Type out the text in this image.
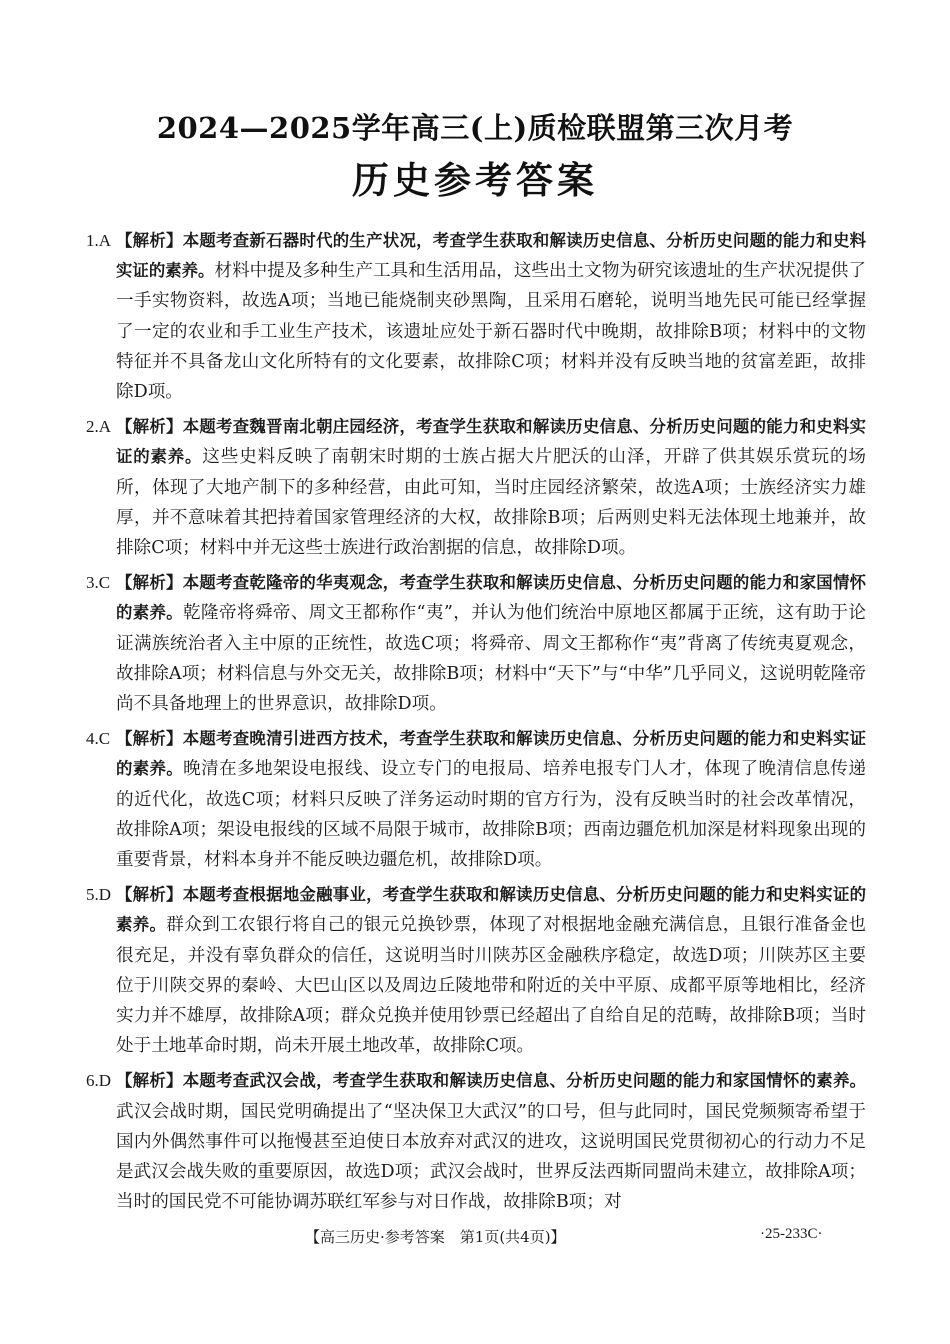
2024—2025学年高三(上)质检联盟第三次月考
历史参考答案
1.A 【解析】本题考查新石器时代的生产状况，考查学生获取和解读历史信息、分析历史问题的能力和史料实证的素养。材料中提及多种生产工具和生活用品，这些出土文物为研究该遗址的生产状况提供了一手实物资料，故选A项；当地已能烧制夹砂黑陶，且采用石磨轮，说明当地先民可能已经掌握了一定的农业和手工业生产技术，该遗址应处于新石器时代中晚期，故排除B项；材料中的文物特征并不具备龙山文化所特有的文化要素，故排除C项；材料并没有反映当地的贫富差距，故排除D项。
2.A 【解析】本题考查魏晋南北朝庄园经济，考查学生获取和解读历史信息、分析历史问题的能力和史料实证的素养。这些史料反映了南朝宋时期的士族占据大片肥沃的山泽，开辟了供其娱乐赏玩的场所，体现了大地产制下的多种经营，由此可知，当时庄园经济繁荣，故选A项；士族经济实力雄厚，并不意味着其把持着国家管理经济的大权，故排除B项；后两则史料无法体现土地兼并，故排除C项；材料中并无这些士族进行政治割据的信息，故排除D项。
3.C 【解析】本题考查乾隆帝的华夷观念，考查学生获取和解读历史信息、分析历史问题的能力和家国情怀的素养。乾隆帝将舜帝、周文王都称作“夷”，并认为他们统治中原地区都属于正统，这有助于论证满族统治者入主中原的正统性，故选C项；将舜帝、周文王都称作“夷”背离了传统夷夏观念，故排除A项；材料信息与外交无关，故排除B项；材料中“天下”与“中华”几乎同义，这说明乾隆帝尚不具备地理上的世界意识，故排除D项。
4.C 【解析】本题考查晚清引进西方技术，考查学生获取和解读历史信息、分析历史问题的能力和史料实证的素养。晚清在多地架设电报线、设立专门的电报局、培养电报专门人才，体现了晚清信息传递的近代化，故选C项；材料只反映了洋务运动时期的官方行为，没有反映当时的社会改革情况，故排除A项；架设电报线的区域不局限于城市，故排除B项；西南边疆危机加深是材料现象出现的重要背景，材料本身并不能反映边疆危机，故排除D项。
5.D 【解析】本题考查根据地金融事业，考查学生获取和解读历史信息、分析历史问题的能力和史料实证的素养。群众到工农银行将自己的银元兑换钞票，体现了对根据地金融充满信息，且银行准备金也很充足，并没有辜负群众的信任，这说明当时川陕苏区金融秩序稳定，故选D项；川陕苏区主要位于川陕交界的秦岭、大巴山区以及周边丘陵地带和附近的关中平原、成都平原等地相比，经济实力并不雄厚，故排除A项；群众兑换并使用钞票已经超出了自给自足的范畴，故排除B项；当时处于土地革命时期，尚未开展土地改革，故排除C项。
6.D 【解析】本题考查武汉会战，考查学生获取和解读历史信息、分析历史问题的能力和家国情怀的素养。武汉会战时期，国民党明确提出了“坚决保卫大武汉”的口号，但与此同时，国民党频频寄希望于国内外偶然事件可以拖慢甚至迫使日本放弃对武汉的进攻，这说明国民党贯彻初心的行动力不足是武汉会战失败的重要原因，故选D项；武汉会战时，世界反法西斯同盟尚未建立，故排除A项；当时的国民党不可能协调苏联红军参与对日作战，故排除B项；对
【高三历史·参考答案　第1页(共4页)】	·25-233C·
